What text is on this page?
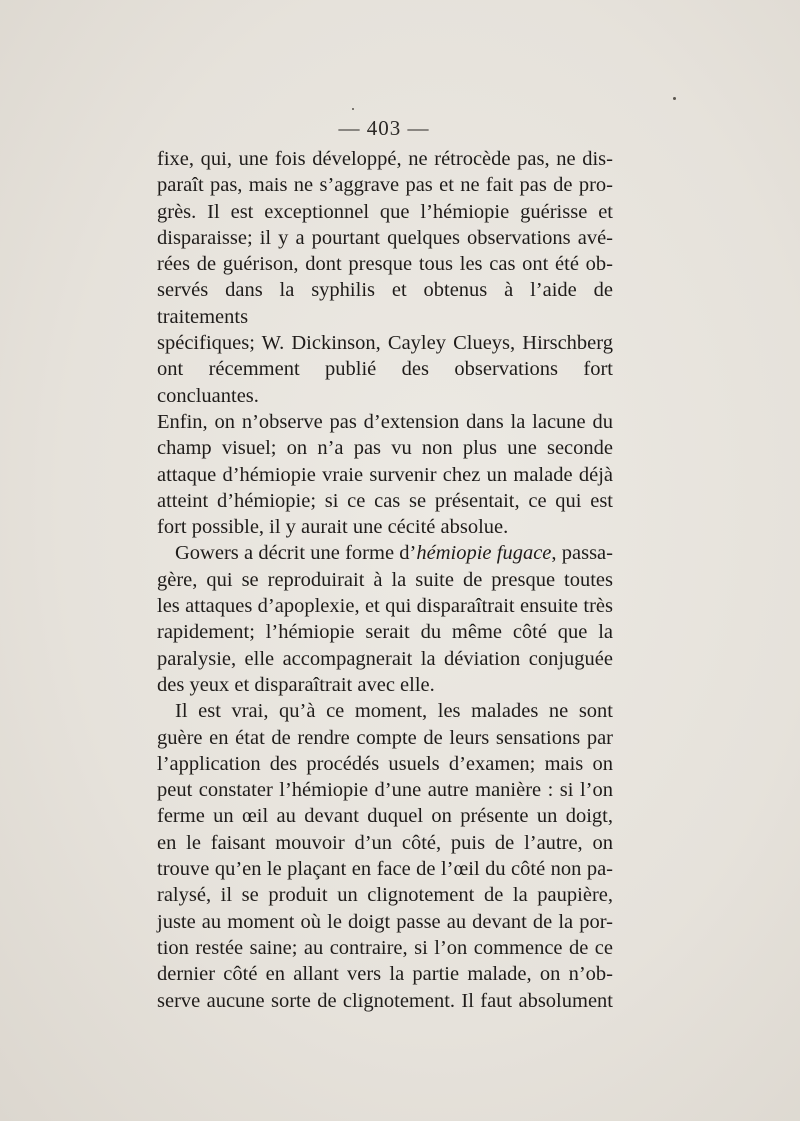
— 403 —

fixe, qui, une fois développé, ne rétrocède pas, ne dis-
paraît pas, mais ne s’aggrave pas et ne fait pas de pro-
grès. Il est exceptionnel que l’hémiopie guérisse et
disparaisse; il y a pourtant quelques observations avé-
rées de guérison, dont presque tous les cas ont été ob-
servés dans la syphilis et obtenus à l’aide de traitements
spécifiques; W. Dickinson, Cayley Clueys, Hirschberg
ont récemment publié des observations fort concluantes.
Enfin, on n’observe pas d’extension dans la lacune du
champ visuel; on n’a pas vu non plus une seconde
attaque d’hémiopie vraie survenir chez un malade déjà
atteint d’hémiopie; si ce cas se présentait, ce qui est
fort possible, il y aurait une cécité absolue.

Gowers a décrit une forme d’hémiopie fugace, passa-
gère, qui se reproduirait à la suite de presque toutes
les attaques d’apoplexie, et qui disparaîtrait ensuite très
rapidement; l’hémiopie serait du même côté que la
paralysie, elle accompagnerait la déviation conjuguée
des yeux et disparaîtrait avec elle.

Il est vrai, qu’à ce moment, les malades ne sont
guère en état de rendre compte de leurs sensations par
l’application des procédés usuels d’examen; mais on
peut constater l’hémiopie d’une autre manière : si l’on
ferme un œil au devant duquel on présente un doigt,
en le faisant mouvoir d’un côté, puis de l’autre, on
trouve qu’en le plaçant en face de l’œil du côté non pa-
ralysé, il se produit un clignotement de la paupière,
juste au moment où le doigt passe au devant de la por-
tion restée saine; au contraire, si l’on commence de ce
dernier côté en allant vers la partie malade, on n’ob-
serve aucune sorte de clignotement. Il faut absolument
